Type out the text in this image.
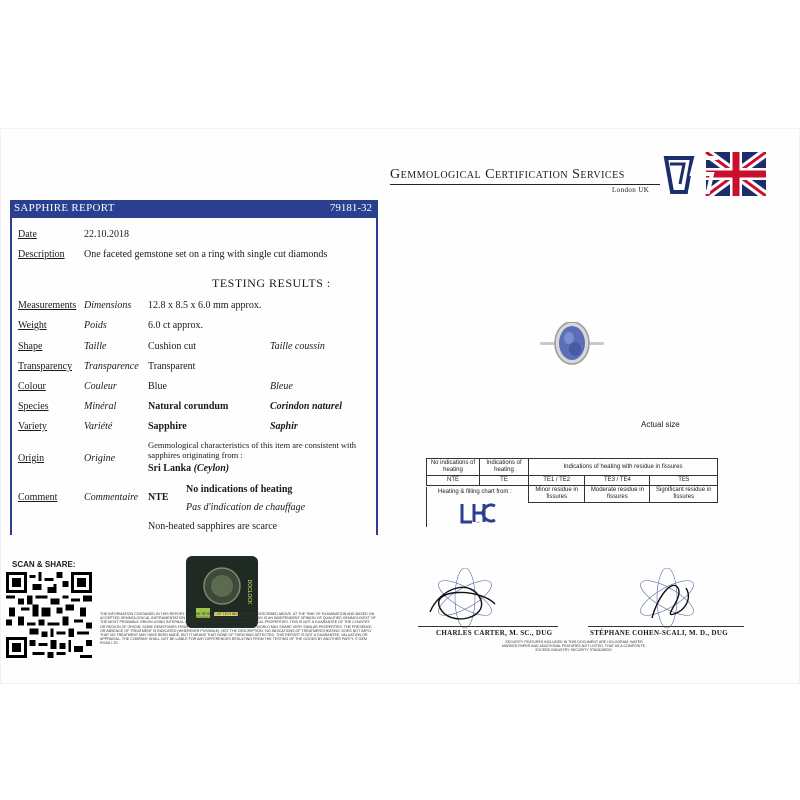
Gemmological Certification Services
London UK
SAPPHIRE REPORT	79181-32
Date	22.10.2018
Description One faceted gemstone set on a ring with single cut diamonds
TESTING RESULTS :
Measurements Dimensions 12.8 x 8.5 x 6.0 mm approx.
Weight	Poids	6.0 ct approx.
Shape	Taille	Cushion cut	Taille coussin
Transparency Transparence Transparent
Colour	Couleur	Blue	Bleue
Species	Minéral	Natural corundum	Corindon naturel
Variety	Variété	Sapphire	Saphir
Gemmological characteristics of this item are consistent with
sapphires originating from :
Origin	Origine
Sri Lanka (Ceylon)
Comment	Commentaire NTE
No indications of heating
Pas d'indication de chauffage
Non-heated sapphires are scarce
Actual size
No indications of heating	Indications of heating	Indications of heating with residue in fissures		
NTE	TE	TE1 / TE2	TE3 / TE4	TE5
		Minor residue in fissures	Moderate residue in fissures	Significant residue in fissures
Heating & filling chart from :
LHC
SCAN & SHARE:
DOCLOCK
THE INFORMATION CONTAINED IN THIS REPORT ARE THE RESULT OF TESTING THE ITEM DESCRIBED ABOVE, AT THE TIME OF EXAMINATION AND BASED ON ACCEPTED GEMMOLOGICAL INSTRUMENTATION AND METHODS. THE INDICATION OF ORIGIN IS AN INDEPENDENT OPINION OF QUALIFIED GEMMOLOGIST OF THE MOST PROBABLE ORIGIN USING INTERNAL CHARACTERISTIC, CHEMICAL AND PHYSICAL PROPERTIES. THIS IS NOT A GUARANTEE OF THE COUNTRY OR REGION OF ORIGIN. SOME GEMSTONES FROM DIFFERENT LOCATIONS AROUND THE WORLD MAY SHARE VERY SIMILAR PROPERTIES. THE PRESENCE OR ABSENCE OF TREATMENT IS INDICATED (WHEREVER POSSIBLE), NOT THE DESCRIPTION. 'NO INDICATIONS OF TREATMENT/HEATING' DOES NOT IMPLY THAT NO TREATMENT MAY HAVE BEEN MADE, BUT IT MEANS THAT NONE OF THEM WAS DETECTED. THIS REPORT IS NOT A GUARANTEE, VALUATION OR APPRAISAL. THE COMPANY SHALL NOT BE LIABLE FOR ANY DIFFERENCES RESULTING FROM THE TESTING OF THE GOODS BY ANOTHER PARTY. © GEM ROAD LTD
CHARLES CARTER, M. SC., DUG	STÉPHANE COHEN-SCALI, M. D., DUG
SECURITY FEATURES INCLUDED IN THIS DOCUMENT ARE HOLOGRAM, WATER MARKED PAPER AND ADDITIONAL FEATURES NOT LISTED, THAT AS A COMPOSITE, EXCEED INDUSTRY SECURITY STANDARDS.
